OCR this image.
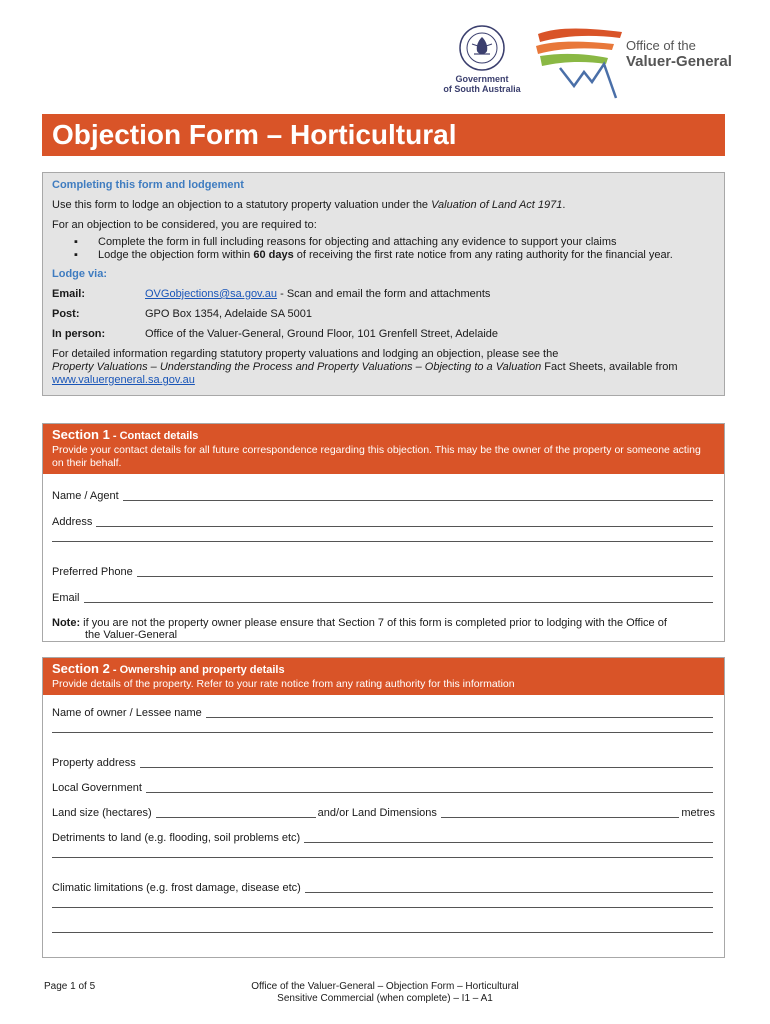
Government
of South Australia
Office of the
Valuer-General
Objection Form – Horticultural

Completing this form and lodgement

Use this form to lodge an objection to a statutory property valuation under the Valuation of Land Act 1971.

For an objection to be considered, you are required to:

▪ Complete the form in full including reasons for objecting and attaching any evidence to support your claims
▪ Lodge the objection form within 60 days of receiving the first rate notice from any rating authority for the financial year.

Lodge via:

Email:	OVGobjections@sa.gov.au - Scan and email the form and attachments
Post:	GPO Box 1354, Adelaide SA 5001
In person:	Office of the Valuer-General, Ground Floor, 101 Grenfell Street, Adelaide

For detailed information regarding statutory property valuations and lodging an objection, please see the
Property Valuations – Understanding the Process and Property Valuations – Objecting to a Valuation Fact Sheets, available from
www.valuergeneral.sa.gov.au

Section 1 - Contact details
Provide your contact details for all future correspondence regarding this objection. This may be the owner of the property or someone acting on their behalf.
Name / Agent
Address
Preferred Phone
Email
Note: if you are not the property owner please ensure that Section 7 of this form is completed prior to lodging with the Office of
the Valuer-General
Section 2 - Ownership and property details
Provide details of the property. Refer to your rate notice from any rating authority for this information
Name of owner / Lessee name
Property address
Local Government
Land size (hectares)	and/or Land Dimensions	metres
Detriments to land (e.g. flooding, soil problems etc)
Climatic limitations (e.g. frost damage, disease etc)
Page 1 of 5	Office of the Valuer-General – Objection Form – Horticultural
Sensitive Commercial (when complete) – I1 – A1
